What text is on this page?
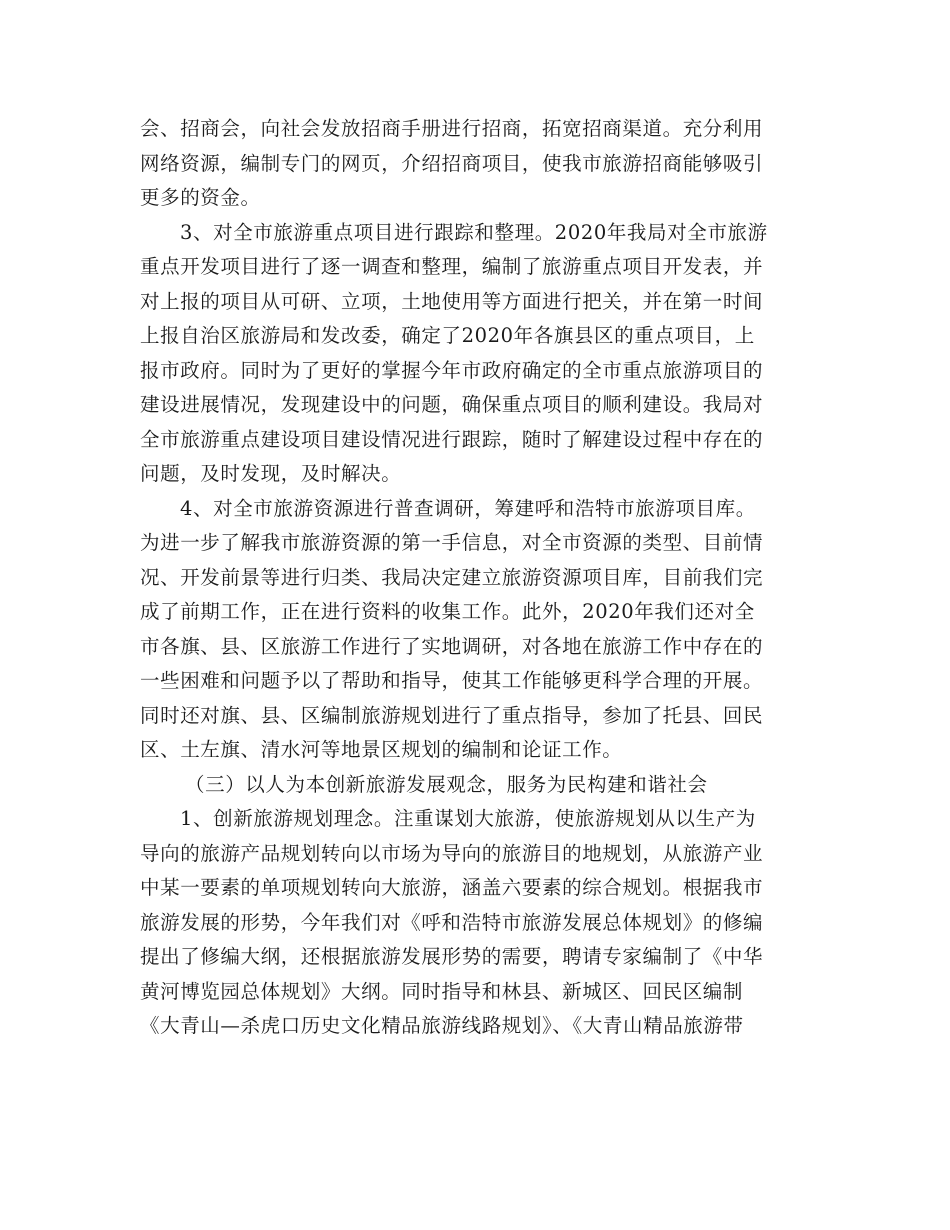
会、招商会，向社会发放招商手册进行招商，拓宽招商渠道。充分利用
网络资源，编制专门的网页，介绍招商项目，使我市旅游招商能够吸引
更多的资金。
3、对全市旅游重点项目进行跟踪和整理。2020年我局对全市旅游
重点开发项目进行了逐一调查和整理，编制了旅游重点项目开发表，并
对上报的项目从可研、立项，土地使用等方面进行把关，并在第一时间
上报自治区旅游局和发改委，确定了2020年各旗县区的重点项目，上
报市政府。同时为了更好的掌握今年市政府确定的全市重点旅游项目的
建设进展情况，发现建设中的问题，确保重点项目的顺利建设。我局对
全市旅游重点建设项目建设情况进行跟踪，随时了解建设过程中存在的
问题，及时发现，及时解决。
4、对全市旅游资源进行普查调研，筹建呼和浩特市旅游项目库。
为进一步了解我市旅游资源的第一手信息，对全市资源的类型、目前情
况、开发前景等进行归类、我局决定建立旅游资源项目库，目前我们完
成了前期工作，正在进行资料的收集工作。此外，2020年我们还对全
市各旗、县、区旅游工作进行了实地调研，对各地在旅游工作中存在的
一些困难和问题予以了帮助和指导，使其工作能够更科学合理的开展。
同时还对旗、县、区编制旅游规划进行了重点指导，参加了托县、回民
区、土左旗、清水河等地景区规划的编制和论证工作。
（三）以人为本创新旅游发展观念，服务为民构建和谐社会
1、创新旅游规划理念。注重谋划大旅游，使旅游规划从以生产为
导向的旅游产品规划转向以市场为导向的旅游目的地规划，从旅游产业
中某一要素的单项规划转向大旅游，涵盖六要素的综合规划。根据我市
旅游发展的形势，今年我们对《呼和浩特市旅游发展总体规划》的修编
提出了修编大纲，还根据旅游发展形势的需要，聘请专家编制了《中华
黄河博览园总体规划》大纲。同时指导和林县、新城区、回民区编制
《大青山—杀虎口历史文化精品旅游线路规划》、《大青山精品旅游带
